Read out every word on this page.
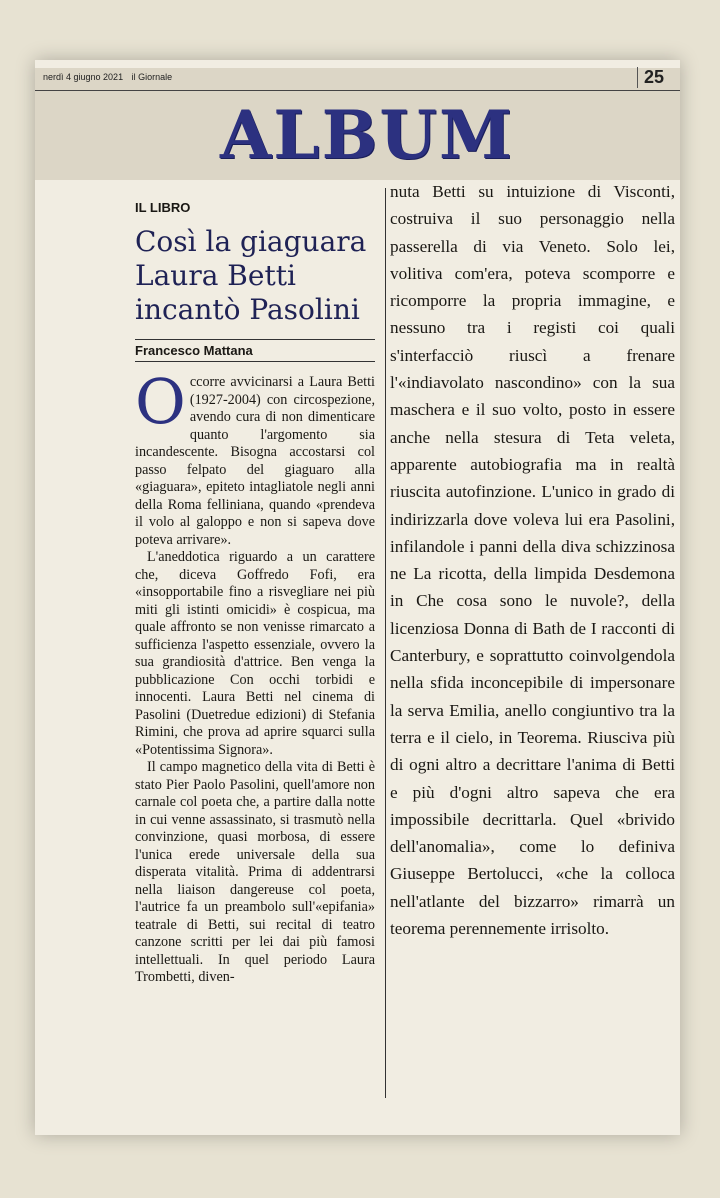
nerdì 4 giugno 2021 il Giornale	25
ALBUM
IL LIBRO
Così la giaguara Laura Betti incantò Pasolini
Francesco Mattana

Occorre avvicinarsi a Laura Betti (1927-2004) con circospezione, avendo cura di non dimenticare quanto l'argomento sia incandescente. Bisogna accostarsi col passo felpato del giaguaro alla «giaguara», epiteto intagliatole negli anni della Roma felliniana, quando «prendeva il volo al galoppo e non si sapeva dove poteva arrivare».

L'aneddotica riguardo a un carattere che, diceva Goffredo Fofi, era «insopportabile fino a risvegliare nei più miti gli istinti omicidi» è cospicua, ma quale affronto se non venisse rimarcato a sufficienza l'aspetto essenziale, ovvero la sua grandiosità d'attrice. Ben venga la pubblicazione Con occhi torbidi e innocenti. Laura Betti nel cinema di Pasolini (Duetredue edizioni) di Stefania Rimini, che prova ad aprire squarci sulla «Potentissima Signora».

Il campo magnetico della vita di Betti è stato Pier Paolo Pasolini, quell'amore non carnale col poeta che, a partire dalla notte in cui venne assassinato, si trasmutò nella convinzione, quasi morbosa, di essere l'unica erede universale della sua disperata vitalità. Prima di addentrarsi nella liaison dangereuse col poeta, l'autrice fa un preambolo sull'«epifania» teatrale di Betti, sui recital di teatro canzone scritti per lei dai più famosi intellettuali. In quel periodo Laura Trombetti, diven-

nuta Betti su intuizione di Visconti, costruiva il suo personaggio nella passerella di via Veneto. Solo lei, volitiva com'era, poteva scomporre e ricomporre la propria immagine, e nessuno tra i registi coi quali s'interfacciò riuscì a frenare l'«indiavolato nascondino» con la sua maschera e il suo volto, posto in essere anche nella stesura di Teta veleta, apparente autobiografia ma in realtà riuscita autofinzione. L'unico in grado di indirizzarla dove voleva lui era Pasolini, infilandole i panni della diva schizzinosa ne La ricotta, della limpida Desdemona in Che cosa sono le nuvole?, della licenziosa Donna di Bath de I racconti di Canterbury, e soprattutto coinvolgendola nella sfida inconcepibile di impersonare la serva Emilia, anello congiuntivo tra la terra e il cielo, in Teorema. Riusciva più di ogni altro a decrittare l'anima di Betti e più d'ogni altro sapeva che era impossibile decrittarla. Quel «brivido dell'anomalia», come lo definiva Giuseppe Bertolucci, «che la colloca nell'atlante del bizzarro» rimarrà un teorema perennemente irrisolto.
